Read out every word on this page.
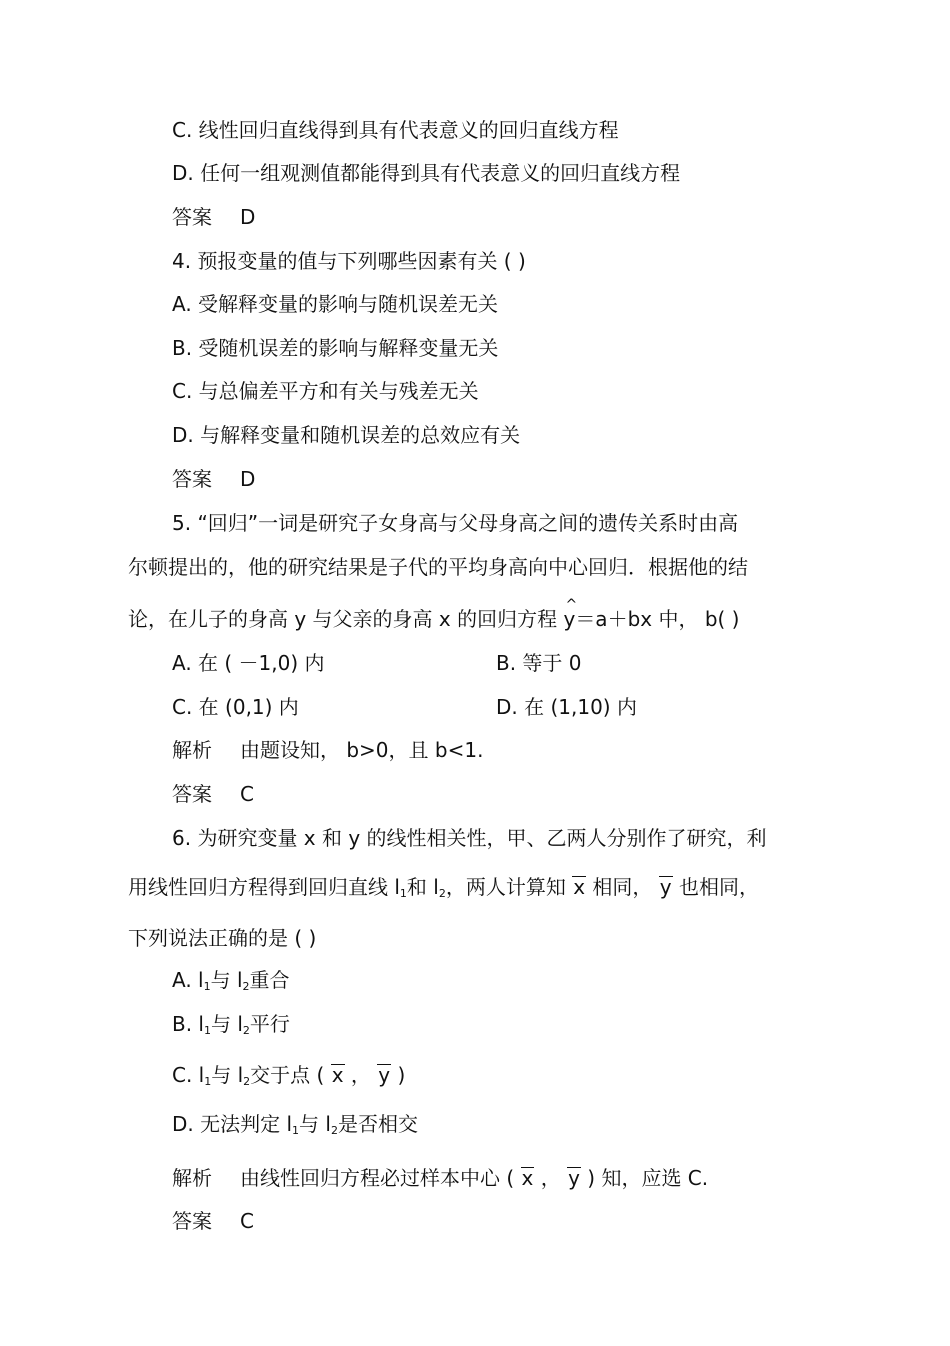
C. 线性回归直线得到具有代表意义的回归直线方程
D. 任何一组观测值都能得到具有代表意义的回归直线方程
答案 D
4. 预报变量的值与下列哪些因素有关 ( )
A. 受解释变量的影响与随机误差无关
B. 受随机误差的影响与解释变量无关
C. 与总偏差平方和有关与残差无关
D. 与解释变量和随机误差的总效应有关
答案 D
5. “回归”一词是研究子女身高与父母身高之间的遗传关系时由高
尔顿提出的，他的研究结果是子代的平均身高向中心回归．根据他的结
论，在儿子的身高 y 与父亲的身高 x 的回归方程 ^ y＝a＋bx 中， b( )
A. 在 ( －1,0) 内	B. 等于 0
C. 在 (0,1) 内	D. 在 (1,10) 内
解析 由题设知， b>0，且 b<1.
答案 C
6. 为研究变量 x 和 y 的线性相关性，甲、乙两人分别作了研究，利
用线性回归方程得到回归直线 $l_1$和 $l_2$，两人计算知 x 相同， y 也相同，
下列说法正确的是 ( )
A. $l_1$与 $l_2$重合
B. $l_1$与 $l_2$平行
C. $l_1$与 $l_2$交于点 ( x ， y )
D. 无法判定 $l_1$与 $l_2$是否相交
解析 由线性回归方程必过样本中心 ( x ， y ) 知，应选 C.
答案 C
